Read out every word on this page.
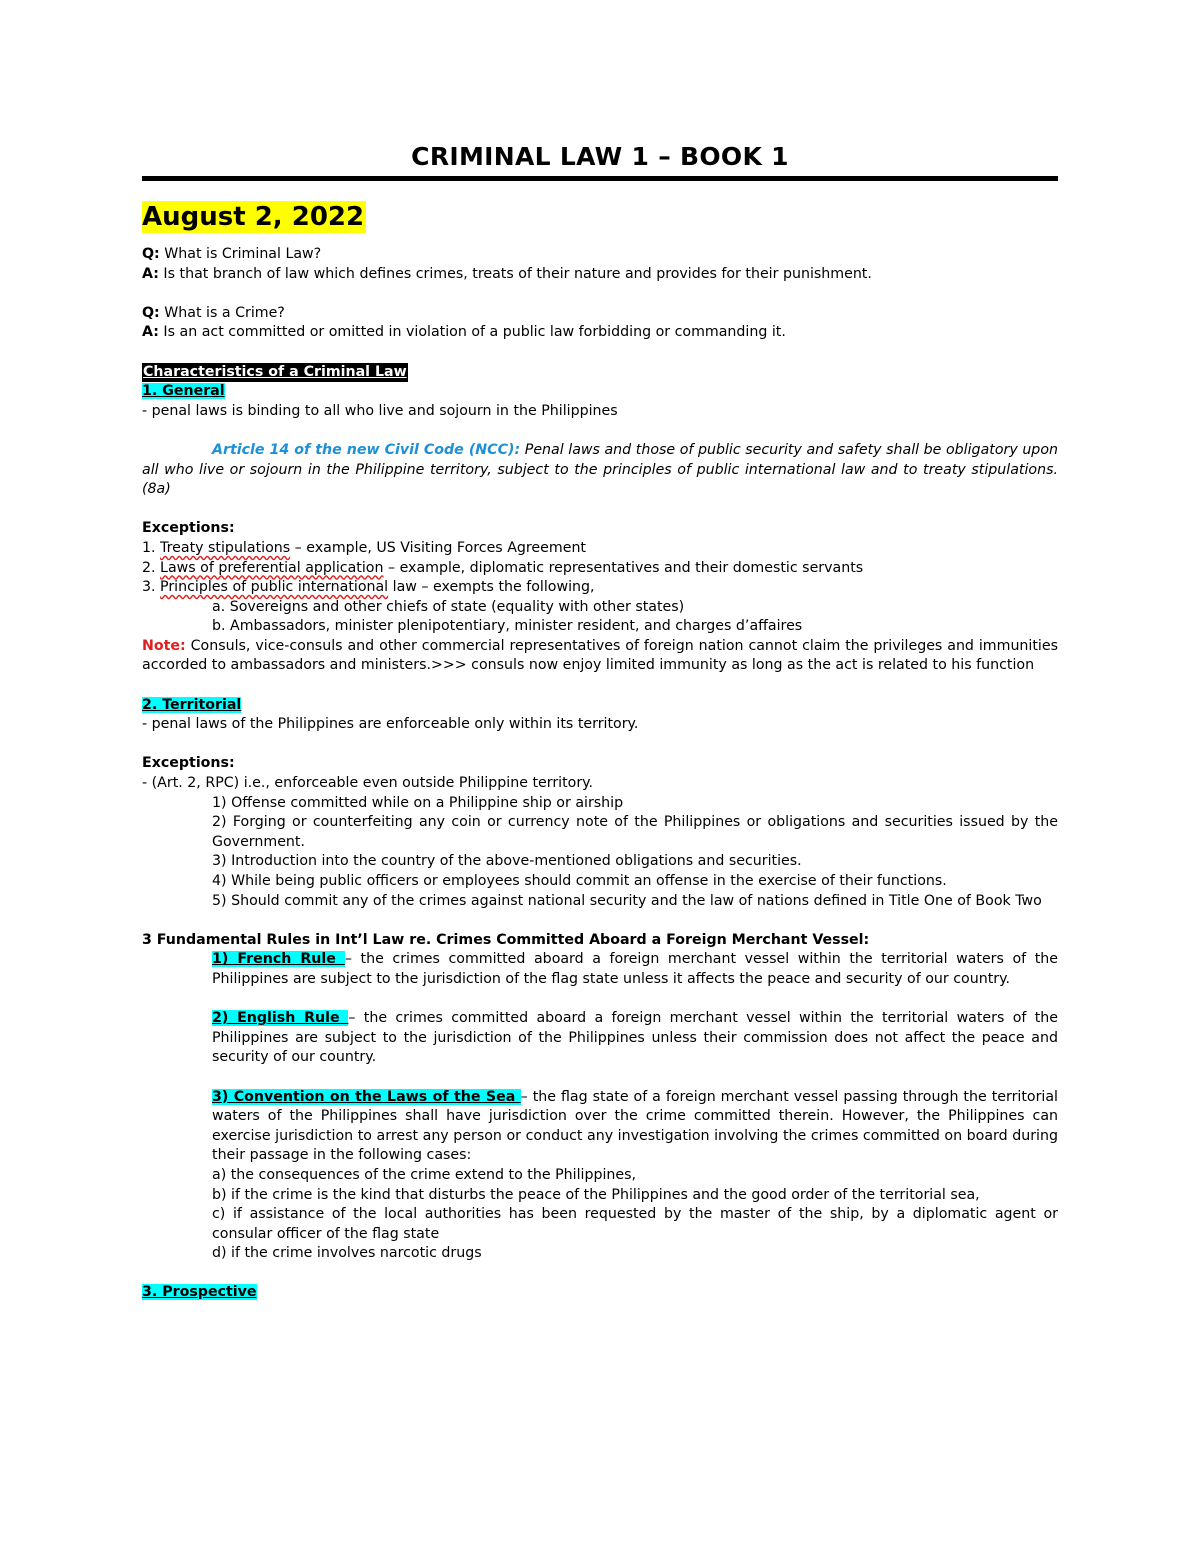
CRIMINAL LAW 1 – BOOK 1
August 2, 2022

Q: What is Criminal Law?

A: Is that branch of law which defines crimes, treats of their nature and provides for their punishment.

Q: What is a Crime?

A: Is an act committed or omitted in violation of a public law forbidding or commanding it.

Characteristics of a Criminal Law

1. General

- penal laws is binding to all who live and sojourn in the Philippines

Article 14 of the new Civil Code (NCC): Penal laws and those of public security and safety shall be obligatory upon all who live or sojourn in the Philippine territory, subject to the principles of public international law and to treaty stipulations. (8a)

Exceptions:

1. Treaty stipulations – example, US Visiting Forces Agreement

2. Laws of preferential application – example, diplomatic representatives and their domestic servants

3. Principles of public international law – exempts the following,

a. Sovereigns and other chiefs of state (equality with other states)

b. Ambassadors, minister plenipotentiary, minister resident, and charges d’affaires

Note: Consuls, vice-consuls and other commercial representatives of foreign nation cannot claim the privileges and immunities accorded to ambassadors and ministers.>>> consuls now enjoy limited immunity as long as the act is related to his function

2. Territorial

- penal laws of the Philippines are enforceable only within its territory.

Exceptions:

- (Art. 2, RPC) i.e., enforceable even outside Philippine territory.

1) Offense committed while on a Philippine ship or airship

2) Forging or counterfeiting any coin or currency note of the Philippines or obligations and securities issued by the Government.

3) Introduction into the country of the above-mentioned obligations and securities.

4) While being public officers or employees should commit an offense in the exercise of their functions.

5) Should commit any of the crimes against national security and the law of nations defined in Title One of Book Two

3 Fundamental Rules in Int’l Law re. Crimes Committed Aboard a Foreign Merchant Vessel:

1) French Rule – the crimes committed aboard a foreign merchant vessel within the territorial waters of the Philippines are subject to the jurisdiction of the flag state unless it affects the peace and security of our country.

2) English Rule – the crimes committed aboard a foreign merchant vessel within the territorial waters of the Philippines are subject to the jurisdiction of the Philippines unless their commission does not affect the peace and security of our country.

3) Convention on the Laws of the Sea – the flag state of a foreign merchant vessel passing through the territorial waters of the Philippines shall have jurisdiction over the crime committed therein. However, the Philippines can exercise jurisdiction to arrest any person or conduct any investigation involving the crimes committed on board during their passage in the following cases:

a) the consequences of the crime extend to the Philippines,

b) if the crime is the kind that disturbs the peace of the Philippines and the good order of the territorial sea,

c) if assistance of the local authorities has been requested by the master of the ship, by a diplomatic agent or consular officer of the flag state

d) if the crime involves narcotic drugs

3. Prospective
